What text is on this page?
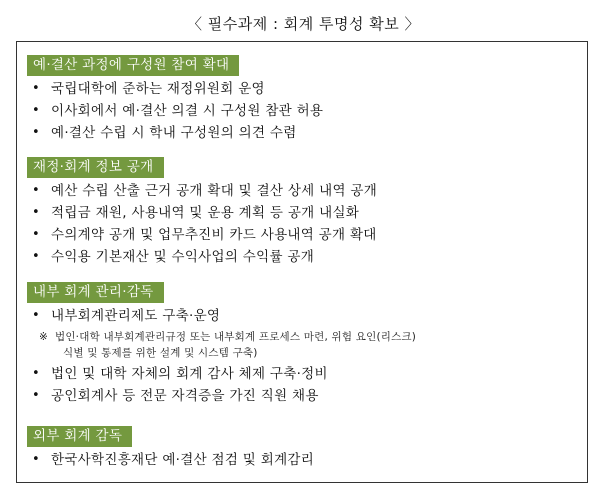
〈 필수과제 : 회계 투명성 확보 〉
예·결산 과정에 구성원 참여 확대
• 국립대학에 준하는 재정위원회 운영
• 이사회에서 예·결산 의결 시 구성원 참관 허용
• 예·결산 수립 시 학내 구성원의 의견 수렴
재정·회계 정보 공개
• 예산 수립 산출 근거 공개 확대 및 결산 상세 내역 공개
• 적립금 재원, 사용내역 및 운용 계획 등 공개 내실화
• 수의계약 공개 및 업무추진비 카드 사용내역 공개 확대
• 수익용 기본재산 및 수익사업의 수익률 공개
내부 회계 관리·감독
• 내부회계관리제도 구축·운영
※ 법인·대학 내부회계관리규정 또는 내부회계 프로세스 마련, 위험 요인(리스크)
식별 및 통제를 위한 설계 및 시스템 구축)
• 법인 및 대학 자체의 회계 감사 체제 구축·정비
• 공인회계사 등 전문 자격증을 가진 직원 채용
외부 회계 감독
• 한국사학진흥재단 예·결산 점검 및 회계감리
